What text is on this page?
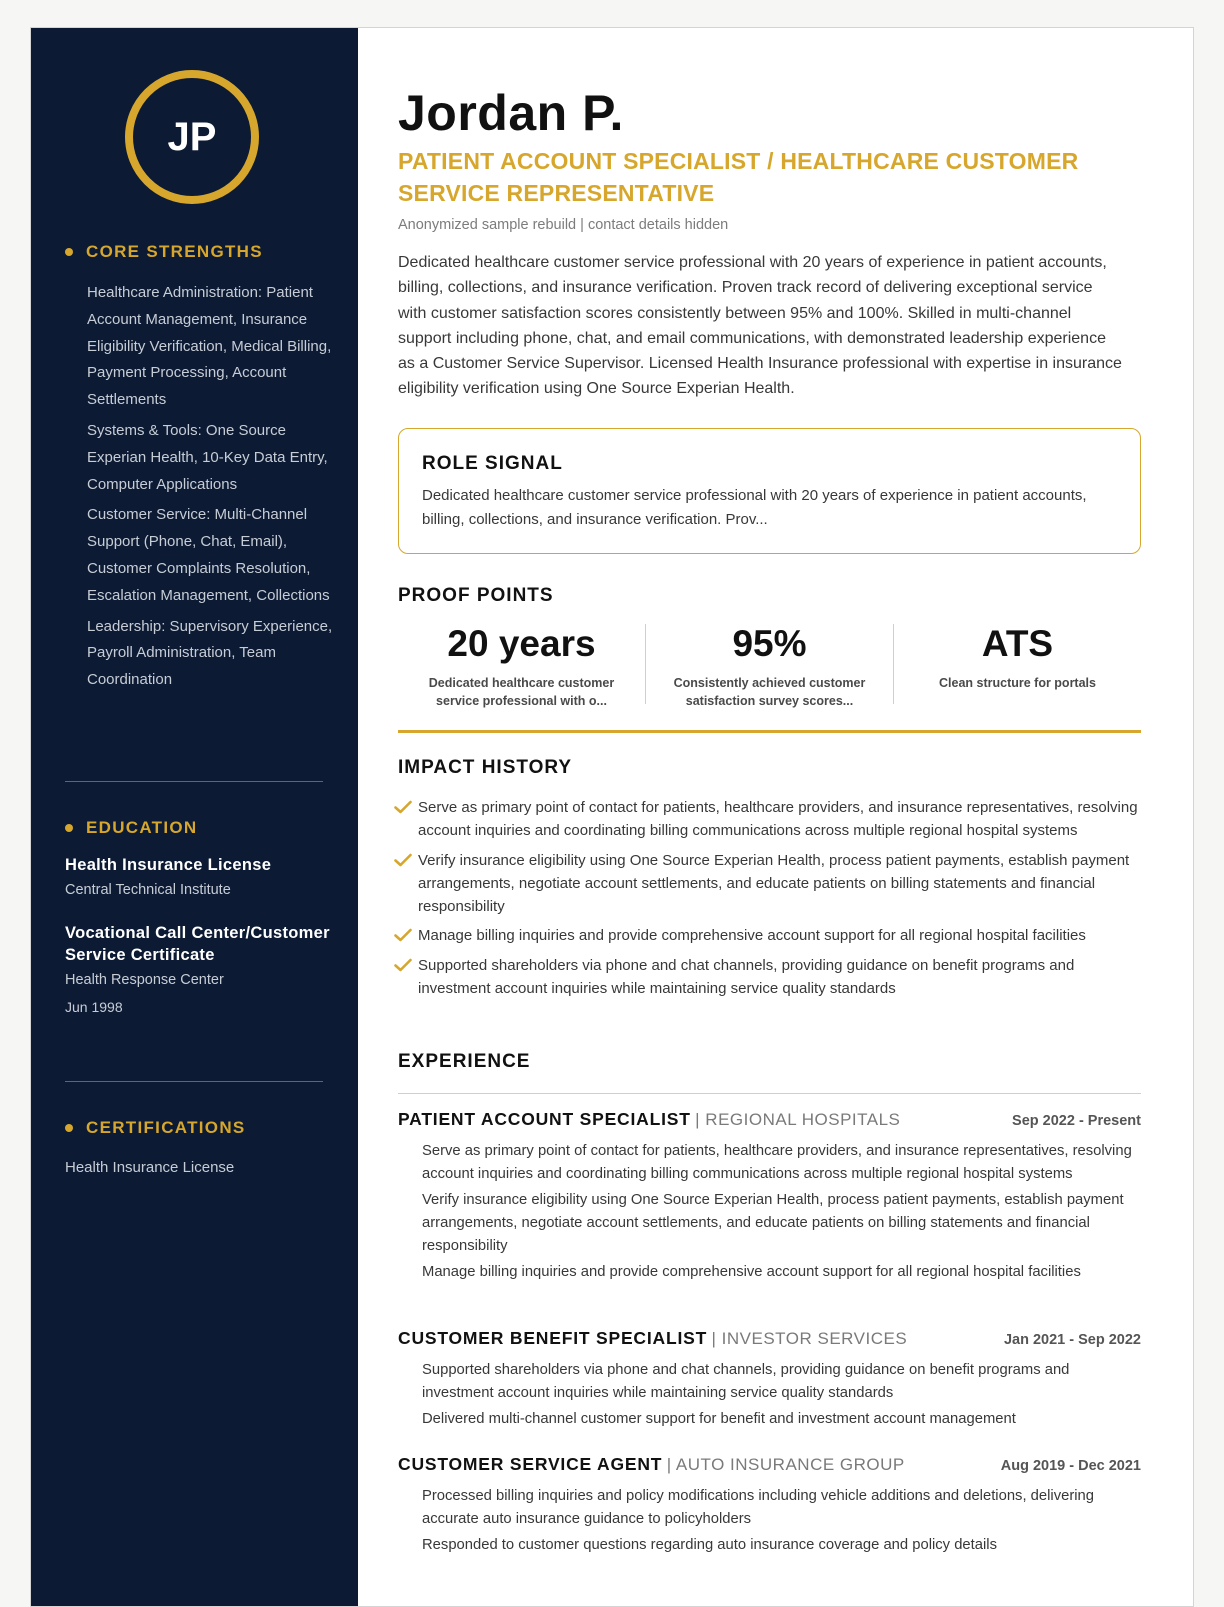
JP
CORE STRENGTHS
Healthcare Administration: Patient Account Management, Insurance Eligibility Verification, Medical Billing, Payment Processing, Account Settlements
Systems & Tools: One Source Experian Health, 10-Key Data Entry, Computer Applications
Customer Service: Multi-Channel Support (Phone, Chat, Email), Customer Complaints Resolution, Escalation Management, Collections
Leadership: Supervisory Experience, Payroll Administration, Team Coordination
EDUCATION
Health Insurance License
Central Technical Institute
Vocational Call Center/Customer Service Certificate
Health Response Center
Jun 1998
CERTIFICATIONS
Health Insurance License
Jordan P.
PATIENT ACCOUNT SPECIALIST / HEALTHCARE CUSTOMER SERVICE REPRESENTATIVE
Anonymized sample rebuild | contact details hidden

Dedicated healthcare customer service professional with 20 years of experience in patient accounts, billing, collections, and insurance verification. Proven track record of delivering exceptional service with customer satisfaction scores consistently between 95% and 100%. Skilled in multi-channel support including phone, chat, and email communications, with demonstrated leadership experience as a Customer Service Supervisor. Licensed Health Insurance professional with expertise in insurance eligibility verification using One Source Experian Health.

ROLE SIGNAL

Dedicated healthcare customer service professional with 20 years of experience in patient accounts, billing, collections, and insurance verification. Prov...

PROOF POINTS
20 years
Dedicated healthcare customer service professional with o...
95%
Consistently achieved customer satisfaction survey scores...
ATS
Clean structure for portals
IMPACT HISTORY
Serve as primary point of contact for patients, healthcare providers, and insurance representatives, resolving account inquiries and coordinating billing communications across multiple regional hospital systems
Verify insurance eligibility using One Source Experian Health, process patient payments, establish payment arrangements, negotiate account settlements, and educate patients on billing statements and financial responsibility
Manage billing inquiries and provide comprehensive account support for all regional hospital facilities
Supported shareholders via phone and chat channels, providing guidance on benefit programs and investment account inquiries while maintaining service quality standards
EXPERIENCE
PATIENT ACCOUNT SPECIALIST | REGIONAL HOSPITALS	Sep 2022 - Present
Serve as primary point of contact for patients, healthcare providers, and insurance representatives, resolving account inquiries and coordinating billing communications across multiple regional hospital systems
Verify insurance eligibility using One Source Experian Health, process patient payments, establish payment arrangements, negotiate account settlements, and educate patients on billing statements and financial responsibility
Manage billing inquiries and provide comprehensive account support for all regional hospital facilities
CUSTOMER BENEFIT SPECIALIST | INVESTOR SERVICES	Jan 2021 - Sep 2022
Supported shareholders via phone and chat channels, providing guidance on benefit programs and investment account inquiries while maintaining service quality standards
Delivered multi-channel customer support for benefit and investment account management
CUSTOMER SERVICE AGENT | AUTO INSURANCE GROUP	Aug 2019 - Dec 2021
Processed billing inquiries and policy modifications including vehicle additions and deletions, delivering accurate auto insurance guidance to policyholders
Responded to customer questions regarding auto insurance coverage and policy details
